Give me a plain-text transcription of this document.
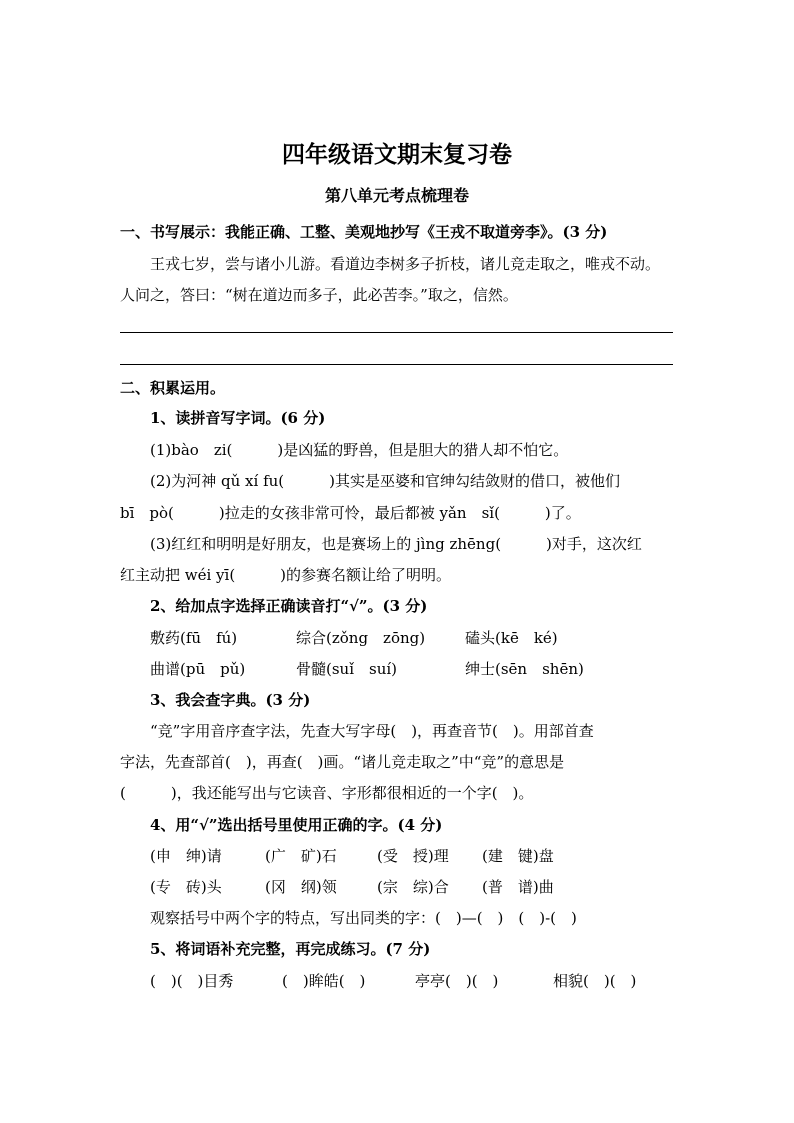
四年级语文期末复习卷
第八单元考点梳理卷
一、书写展示：我能正确、工整、美观地抄写《王戎不取道旁李》。(3 分)
王戎七岁，尝与诸小儿游。看道边李树多子折枝，诸儿竞走取之，唯戎不动。
人问之，答曰：“树在道边而多子，此必苦李。”取之，信然。
二、积累运用。
1、读拼音写字词。(6 分)
(1)bào　zi(　　　)是凶猛的野兽，但是胆大的猎人却不怕它。
(2)为河神 qǔ xí fu(　　　)其实是巫婆和官绅勾结敛财的借口，被他们
bī　pò(　　　)拉走的女孩非常可怜，最后都被 yǎn　sǐ(　　　)了。
(3)红红和明明是好朋友，也是赛场上的 jìng zhēng(　　　)对手，这次红
红主动把 wéi yī(　　　)的参赛名额让给了明明。
2、给加点字选择正确读音打“√”。(3 分)
敷药(fū　fú)	综合(zǒng　zōng)	磕头(kē　ké)
曲谱(pū　pǔ)	骨髓(suǐ　suí)	绅士(sēn　shēn)
3、我会查字典。(3 分)
“竞”字用音序查字法，先查大写字母(　)，再查音节(　)。用部首查
字法，先查部首(　)，再查(　)画。“诸儿竞走取之”中“竞”的意思是
(　　　)，我还能写出与它读音、字形都很相近的一个字(　)。
4、用“√”选出括号里使用正确的字。(4 分)
(申　绅)请	(广　矿)石	(受　授)理 (建　键)盘
(专　砖)头	(冈　纲)领	(宗　综)合 (普　谱)曲
观察括号中两个字的特点，写出同类的字：(　)—(　)　(　)-(　)
5、将词语补充完整，再完成练习。(7 分)
(　)(　)目秀	(　)眸皓(　)	亭亭(　)(　)	相貌(　)(　)
